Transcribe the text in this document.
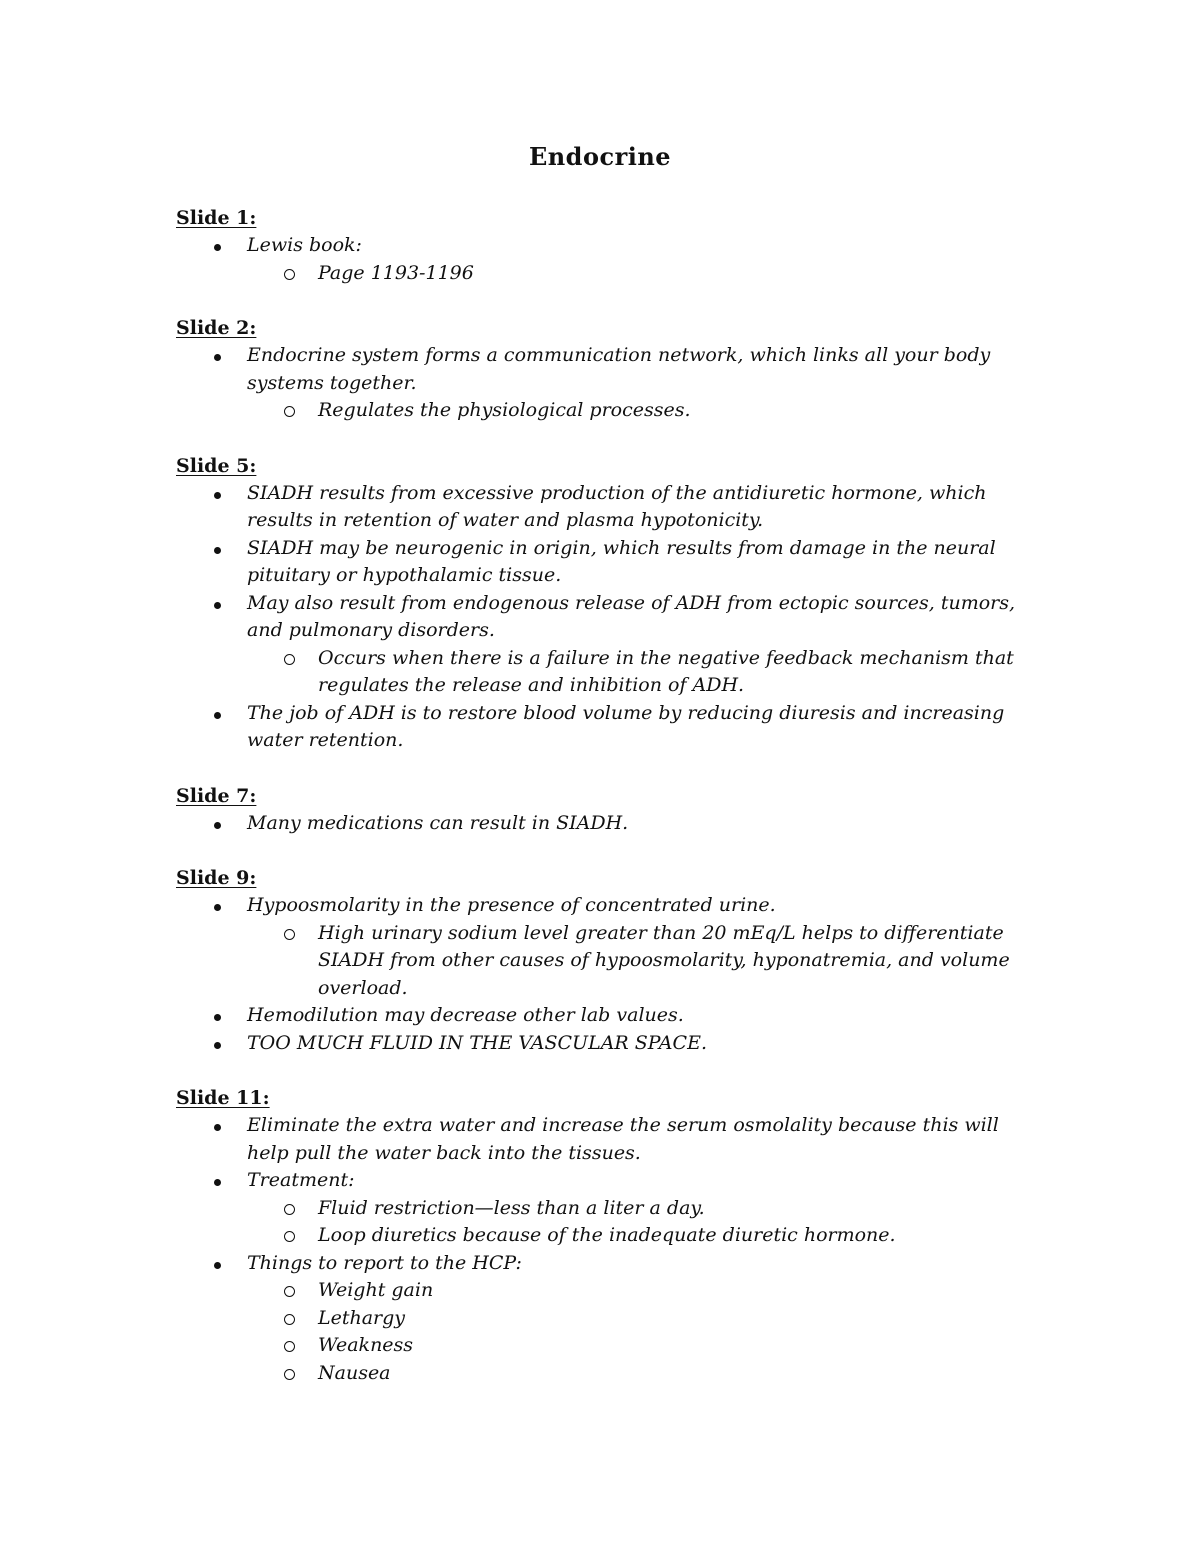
Endocrine
Slide 1:
Lewis book:
Page 1193-1196
Slide 2:
Endocrine system forms a communication network, which links all your body systems together.
Regulates the physiological processes.
Slide 5:
SIADH results from excessive production of the antidiuretic hormone, which results in retention of water and plasma hypotonicity.
SIADH may be neurogenic in origin, which results from damage in the neural pituitary or hypothalamic tissue.
May also result from endogenous release of ADH from ectopic sources, tumors, and pulmonary disorders.
Occurs when there is a failure in the negative feedback mechanism that regulates the release and inhibition of ADH.
The job of ADH is to restore blood volume by reducing diuresis and increasing water retention.
Slide 7:
Many medications can result in SIADH.
Slide 9:
Hypoosmolarity in the presence of concentrated urine.
High urinary sodium level greater than 20 mEq/L helps to differentiate SIADH from other causes of hypoosmolarity, hyponatremia, and volume overload.
Hemodilution may decrease other lab values.
TOO MUCH FLUID IN THE VASCULAR SPACE.
Slide 11:
Eliminate the extra water and increase the serum osmolality because this will help pull the water back into the tissues.
Treatment:
Fluid restriction—less than a liter a day.
Loop diuretics because of the inadequate diuretic hormone.
Things to report to the HCP:
Weight gain
Lethargy
Weakness
Nausea
